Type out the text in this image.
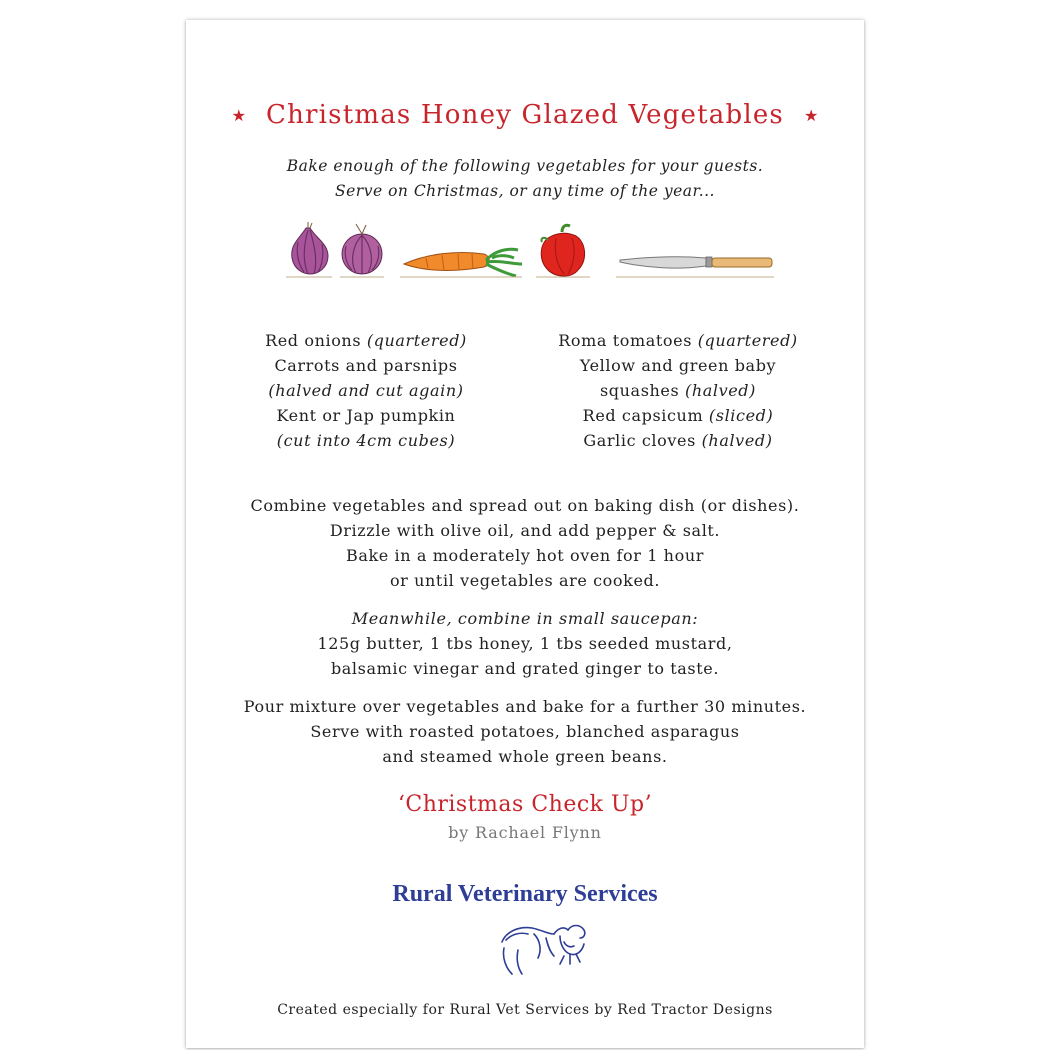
★ Christmas Honey Glazed Vegetables ★
Bake enough of the following vegetables for your guests.
Serve on Christmas, or any time of the year...
Red onions (quartered)
Carrots and parsnips
(halved and cut again)
Kent or Jap pumpkin
(cut into 4cm cubes)
Roma tomatoes (quartered)
Yellow and green baby
squashes (halved)
Red capsicum (sliced)
Garlic cloves (halved)
Combine vegetables and spread out on baking dish (or dishes).
Drizzle with olive oil, and add pepper & salt.
Bake in a moderately hot oven for 1 hour
or until vegetables are cooked.
Meanwhile, combine in small saucepan:
125g butter, 1 tbs honey, 1 tbs seeded mustard,
balsamic vinegar and grated ginger to taste.
Pour mixture over vegetables and bake for a further 30 minutes.
Serve with roasted potatoes, blanched asparagus
and steamed whole green beans.
‘Christmas Check Up’
by Rachael Flynn
Rural Veterinary Services
Created especially for Rural Vet Services by Red Tractor Designs
